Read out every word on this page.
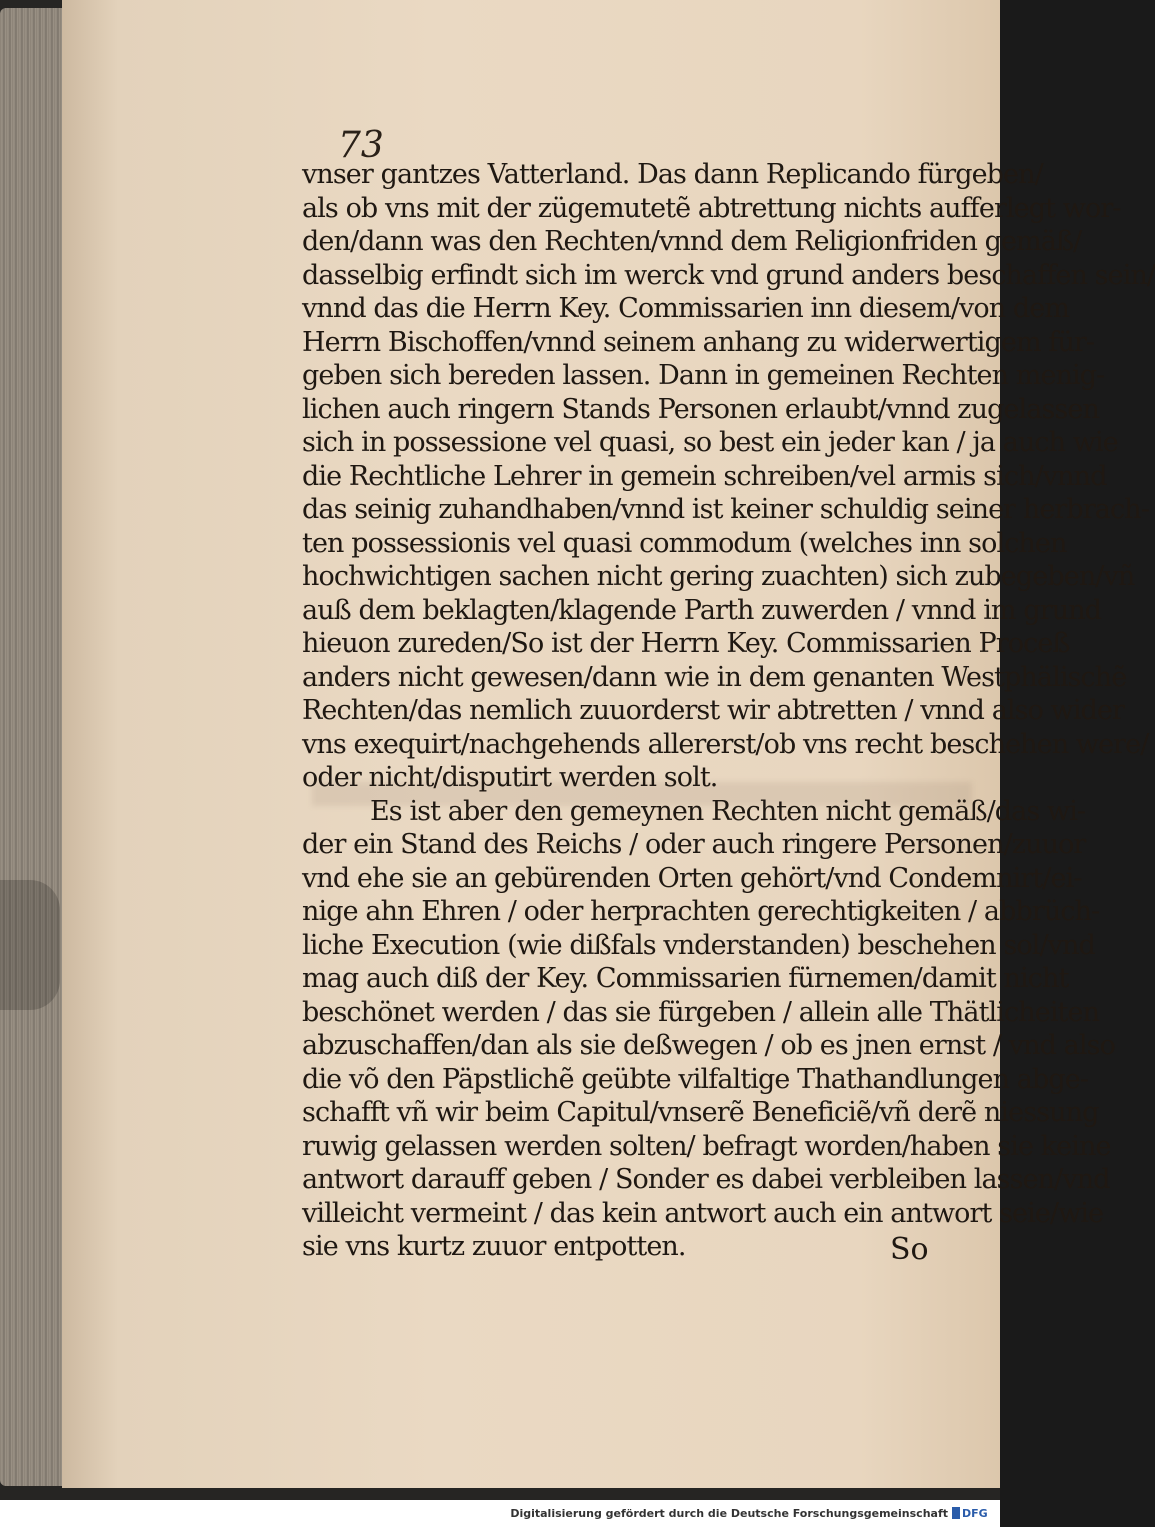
73
vnser gantzes Vatterland. Das dann Replicando fürgeben/
als ob vns mit der zügemutetẽ abtrettung nichts aufferlegt wor-
den/dann was den Rechten/vnnd dem Religionfriden gemäß/
dasselbig erfindt sich im werck vnd grund anders beschaffen sein/
vnnd das die Herrn Key. Commissarien inn diesem/von dem
Herrn Bischoffen/vnnd seinem anhang zu widerwertigem für-
geben sich bereden lassen. Dann in gemeinen Rechten menig-
lichen auch ringern Stands Personen erlaubt/vnnd zugelassen
sich in possessione vel quasi, so best ein jeder kan / ja auch wie
die Rechtliche Lehrer in gemein schreiben/vel armis sich/vnnd
das seinig zuhandhaben/vnnd ist keiner schuldig seiner herbrach-
ten possessionis vel quasi commodum (welches inn solchen
hochwichtigen sachen nicht gering zuachten) sich zubegeben/vñ
auß dem beklagten/klagende Parth zuwerden / vnnd im grund
hieuon zureden/So ist der Herrn Key. Commissarien Proceß
anders nicht gewesen/dann wie in dem genanten Westphälischẽ
Rechten/das nemlich zuuorderst wir abtretten / vnnd also wider
vns exequirt/nachgehends allererst/ob vns recht beschehen were/
oder nicht/disputirt werden solt.
Es ist aber den gemeynen Rechten nicht gemäß/das wi-
der ein Stand des Reichs / oder auch ringere Personen/zuuor
vnd ehe sie an gebürenden Orten gehört/vnd Condemnirt/ei-
nige ahn Ehren / oder herprachten gerechtigkeiten / abbrüch-
liche Execution (wie dißfals vnderstanden) beschehen sol/vnd
mag auch diß der Key. Commissarien fürnemen/damit nicht
beschönet werden / das sie fürgeben / allein alle Thätlicheiten
abzuschaffen/dan als sie deßwegen / ob es jnen ernst / vnd also
die võ den Päpstlichẽ geübte vilfaltige Thathandlungen abge-
schafft vñ wir beim Capitul/vnserẽ Beneficiẽ/vñ derẽ niessung
ruwig gelassen werden solten/ befragt worden/haben sie keine
antwort darauff geben / Sonder es dabei verbleiben lassen/vnd
villeicht vermeint / das kein antwort auch ein antwort seie/wie
sie vns kurtz zuuor entpotten.	So
Digitalisierung gefördert durch die Deutsche Forschungsgemeinschaft DFG
